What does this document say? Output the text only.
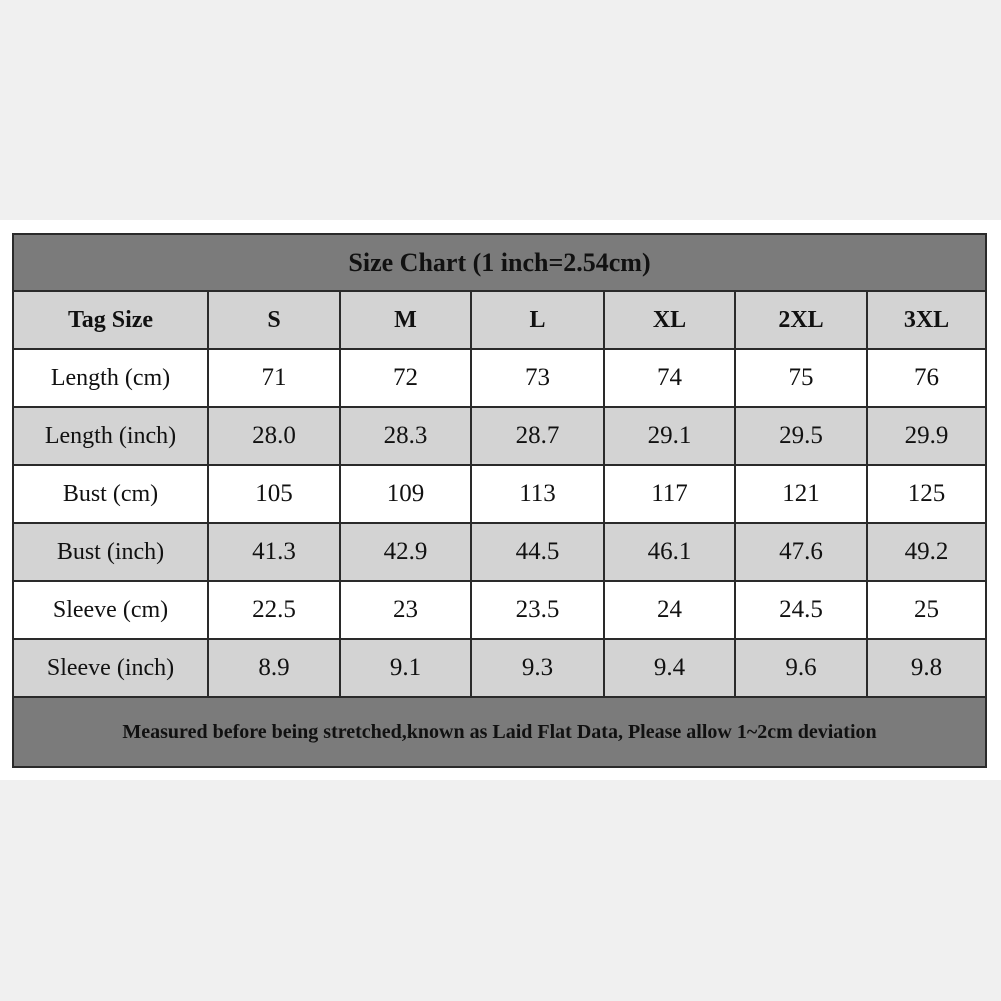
Size Chart (1 inch=2.54cm)						
Tag Size	S	M	L	XL	2XL	3XL
Length (cm)	71	72	73	74	75	76
Length (inch)	28.0	28.3	28.7	29.1	29.5	29.9
Bust (cm)	105	109	113	117	121	125
Bust (inch)	41.3	42.9	44.5	46.1	47.6	49.2
Sleeve (cm)	22.5	23	23.5	24	24.5	25
Sleeve (inch)	8.9	9.1	9.3	9.4	9.6	9.8
Measured before being stretched,known as Laid Flat Data, Please allow 1~2cm deviation						
